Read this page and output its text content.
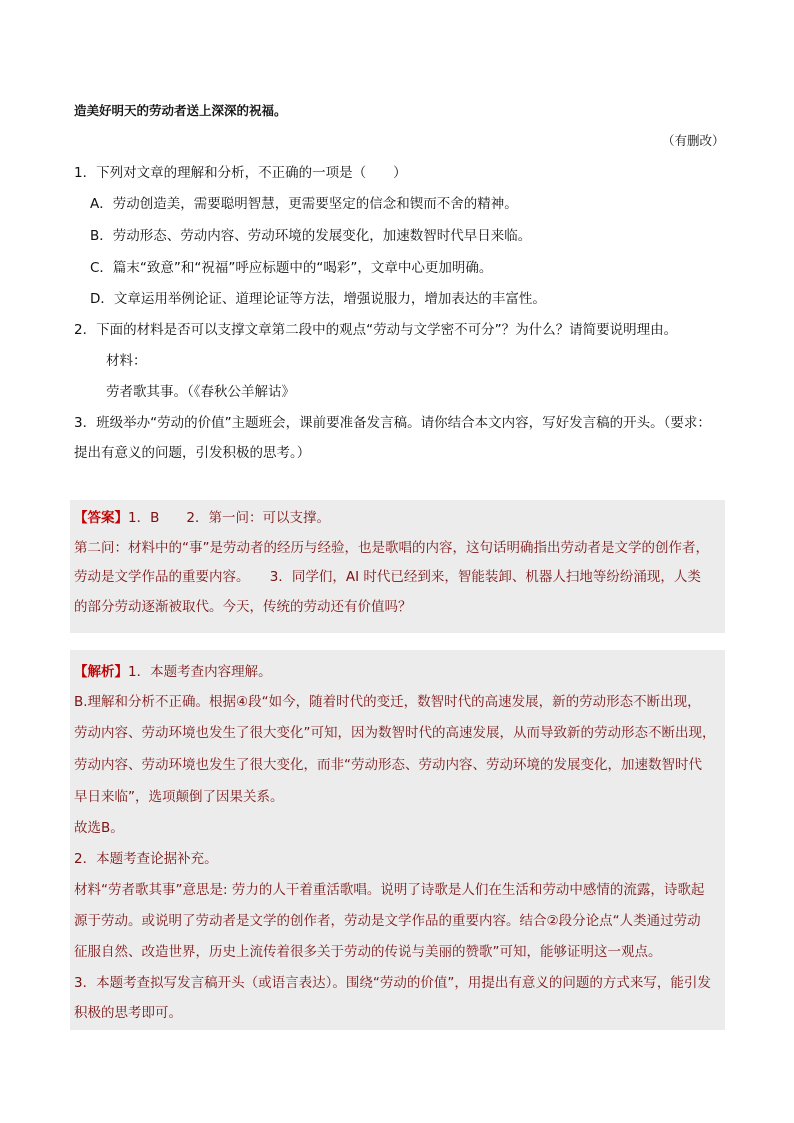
造美好明天的劳动者送上深深的祝福。
（有删改）
1．下列对文章的理解和分析，不正确的一项是（　　）
A．劳动创造美，需要聪明智慧，更需要坚定的信念和锲而不舍的精神。
B．劳动形态、劳动内容、劳动环境的发展变化，加速数智时代早日来临。
C．篇末“致意”和“祝福”呼应标题中的“喝彩”，文章中心更加明确。
D．文章运用举例论证、道理论证等方法，增强说服力，增加表达的丰富性。
2．下面的材料是否可以支撑文章第二段中的观点“劳动与文学密不可分”？为什么？请简要说明理由。
材料：
劳者歌其事。（《春秋公羊解诂》
3．班级举办“劳动的价值”主题班会，课前要准备发言稿。请你结合本文内容，写好发言稿的开头。（要求：
提出有意义的问题，引发积极的思考。）
【答案】1．B　　2．第一问：可以支撑。
第二问：材料中的“事”是劳动者的经历与经验，也是歌唱的内容，这句话明确指出劳动者是文学的创作者，
劳动是文学作品的重要内容。　　3．同学们，AI 时代已经到来，智能装卸、机器人扫地等纷纷涌现，人类
的部分劳动逐渐被取代。今天，传统的劳动还有价值吗？
【解析】1．本题考查内容理解。
B.理解和分析不正确。根据④段“如今，随着时代的变迁，数智时代的高速发展，新的劳动形态不断出现，
劳动内容、劳动环境也发生了很大变化”可知，因为数智时代的高速发展，从而导致新的劳动形态不断出现，
劳动内容、劳动环境也发生了很大变化，而非“劳动形态、劳动内容、劳动环境的发展变化，加速数智时代
早日来临”，选项颠倒了因果关系。
故选B。
2．本题考查论据补充。
材料“劳者歌其事”意思是: 劳力的人干着重活歌唱。说明了诗歌是人们在生活和劳动中感情的流露，诗歌起
源于劳动。或说明了劳动者是文学的创作者，劳动是文学作品的重要内容。结合②段分论点“人类通过劳动
征服自然、改造世界，历史上流传着很多关于劳动的传说与美丽的赞歌”可知，能够证明这一观点。
3．本题考查拟写发言稿开头（或语言表达）。围绕“劳动的价值”，用提出有意义的问题的方式来写，能引发
积极的思考即可。
